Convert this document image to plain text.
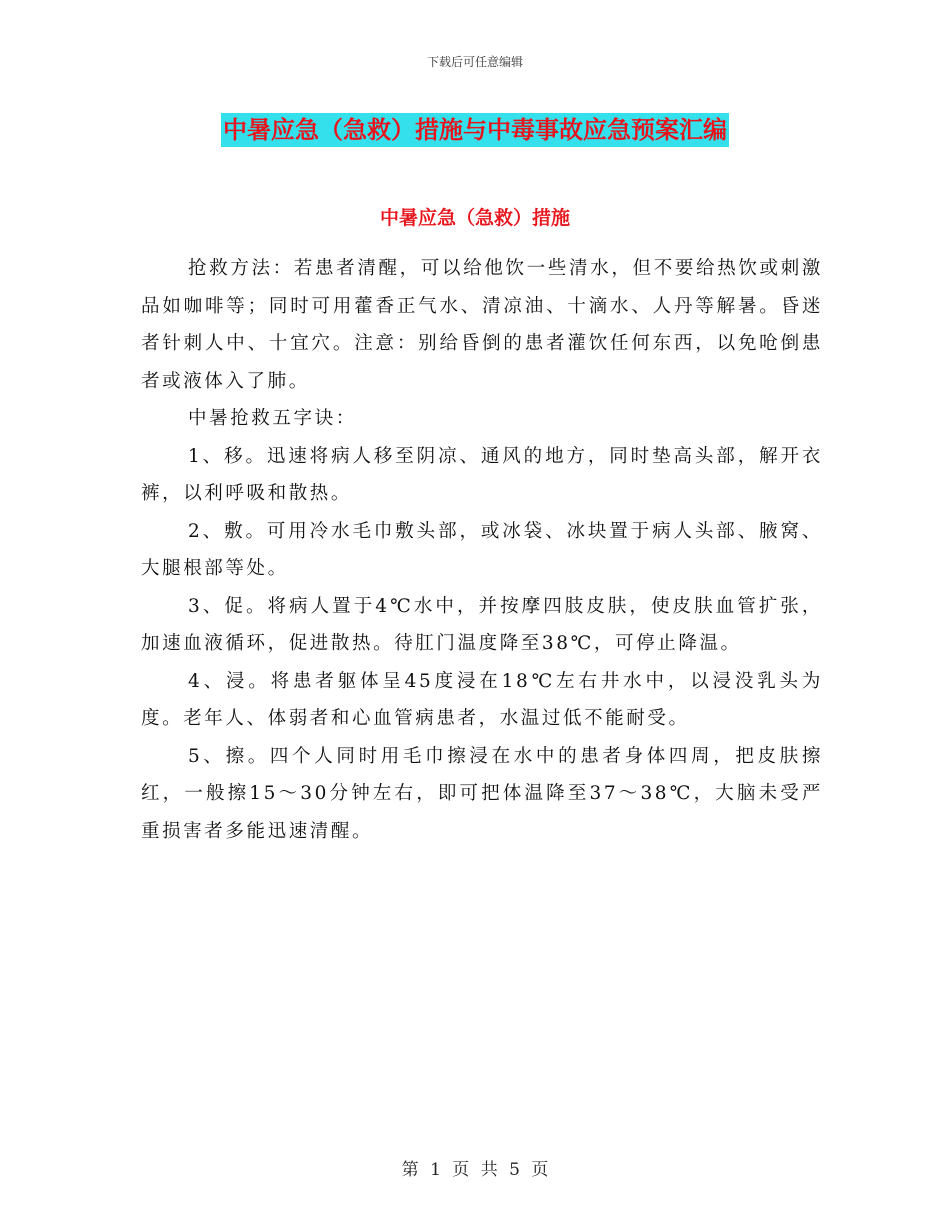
下载后可任意编辑
中暑应急（急救）措施与中毒事故应急预案汇编
中暑应急（急救）措施

抢救方法：若患者清醒，可以给他饮一些清水，但不要给热饮或刺激品如咖啡等；同时可用藿香正气水、清凉油、十滴水、人丹等解暑。昏迷者针刺人中、十宜穴。注意：别给昏倒的患者灌饮任何东西，以免呛倒患者或液体入了肺。

中暑抢救五字诀：

1、移。迅速将病人移至阴凉、通风的地方，同时垫高头部，解开衣裤，以利呼吸和散热。

2、敷。可用冷水毛巾敷头部，或冰袋、冰块置于病人头部、腋窝、大腿根部等处。

3、促。将病人置于4℃水中，并按摩四肢皮肤，使皮肤血管扩张，加速血液循环，促进散热。待肛门温度降至38℃，可停止降温。

4、浸。将患者躯体呈45度浸在18℃左右井水中，以浸没乳头为度。老年人、体弱者和心血管病患者，水温过低不能耐受。

5、擦。四个人同时用毛巾擦浸在水中的患者身体四周，把皮肤擦红，一般擦15～30分钟左右，即可把体温降至37～38℃，大脑未受严重损害者多能迅速清醒。

第 1 页 共 5 页
